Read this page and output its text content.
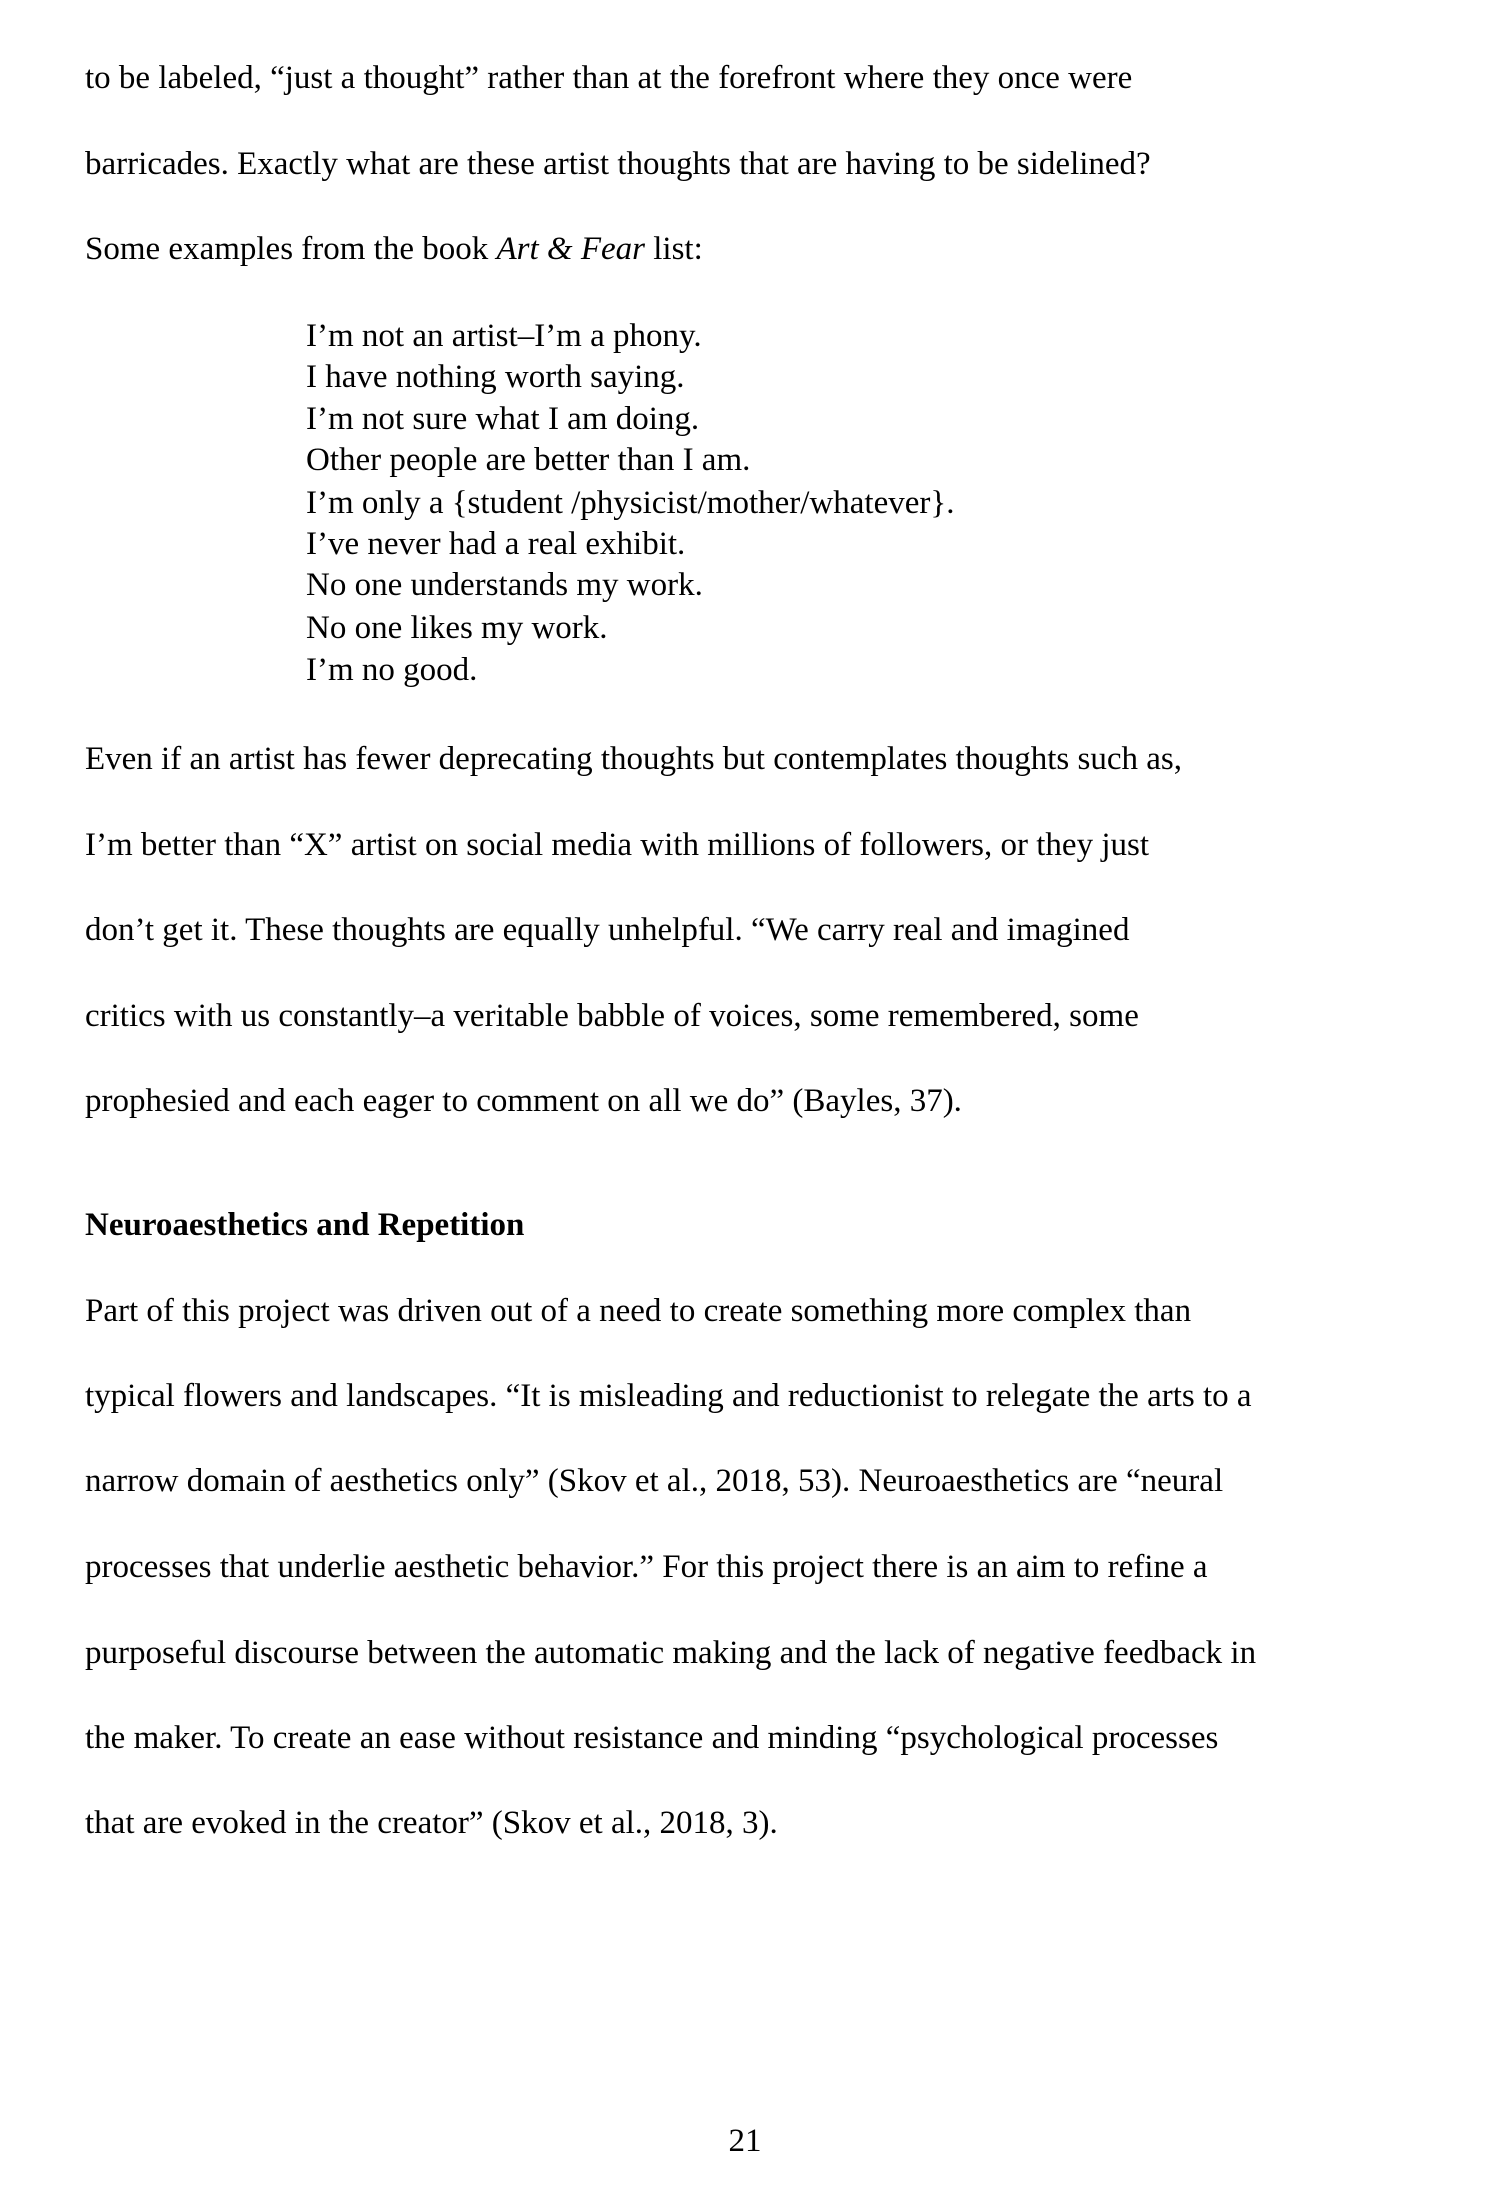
to be labeled, “just a thought” rather than at the forefront where they once were
barricades. Exactly what are these artist thoughts that are having to be sidelined?
Some examples from the book Art & Fear list:
I’m not an artist–I’m a phony.
I have nothing worth saying.
I’m not sure what I am doing.
Other people are better than I am.
I’m only a {student /physicist/mother/whatever}.
I’ve never had a real exhibit.
No one understands my work.
No one likes my work.
I’m no good.
Even if an artist has fewer deprecating thoughts but contemplates thoughts such as,
I’m better than “X” artist on social media with millions of followers, or they just
don’t get it. These thoughts are equally unhelpful. “We carry real and imagined
critics with us constantly–a veritable babble of voices, some remembered, some
prophesied and each eager to comment on all we do” (Bayles, 37).
Neuroaesthetics and Repetition
Part of this project was driven out of a need to create something more complex than
typical flowers and landscapes. “It is misleading and reductionist to relegate the arts to a
narrow domain of aesthetics only” (Skov et al., 2018, 53). Neuroaesthetics are “neural
processes that underlie aesthetic behavior.” For this project there is an aim to refine a
purposeful discourse between the automatic making and the lack of negative feedback in
the maker. To create an ease without resistance and minding “psychological processes
that are evoked in the creator” (Skov et al., 2018, 3).
21
